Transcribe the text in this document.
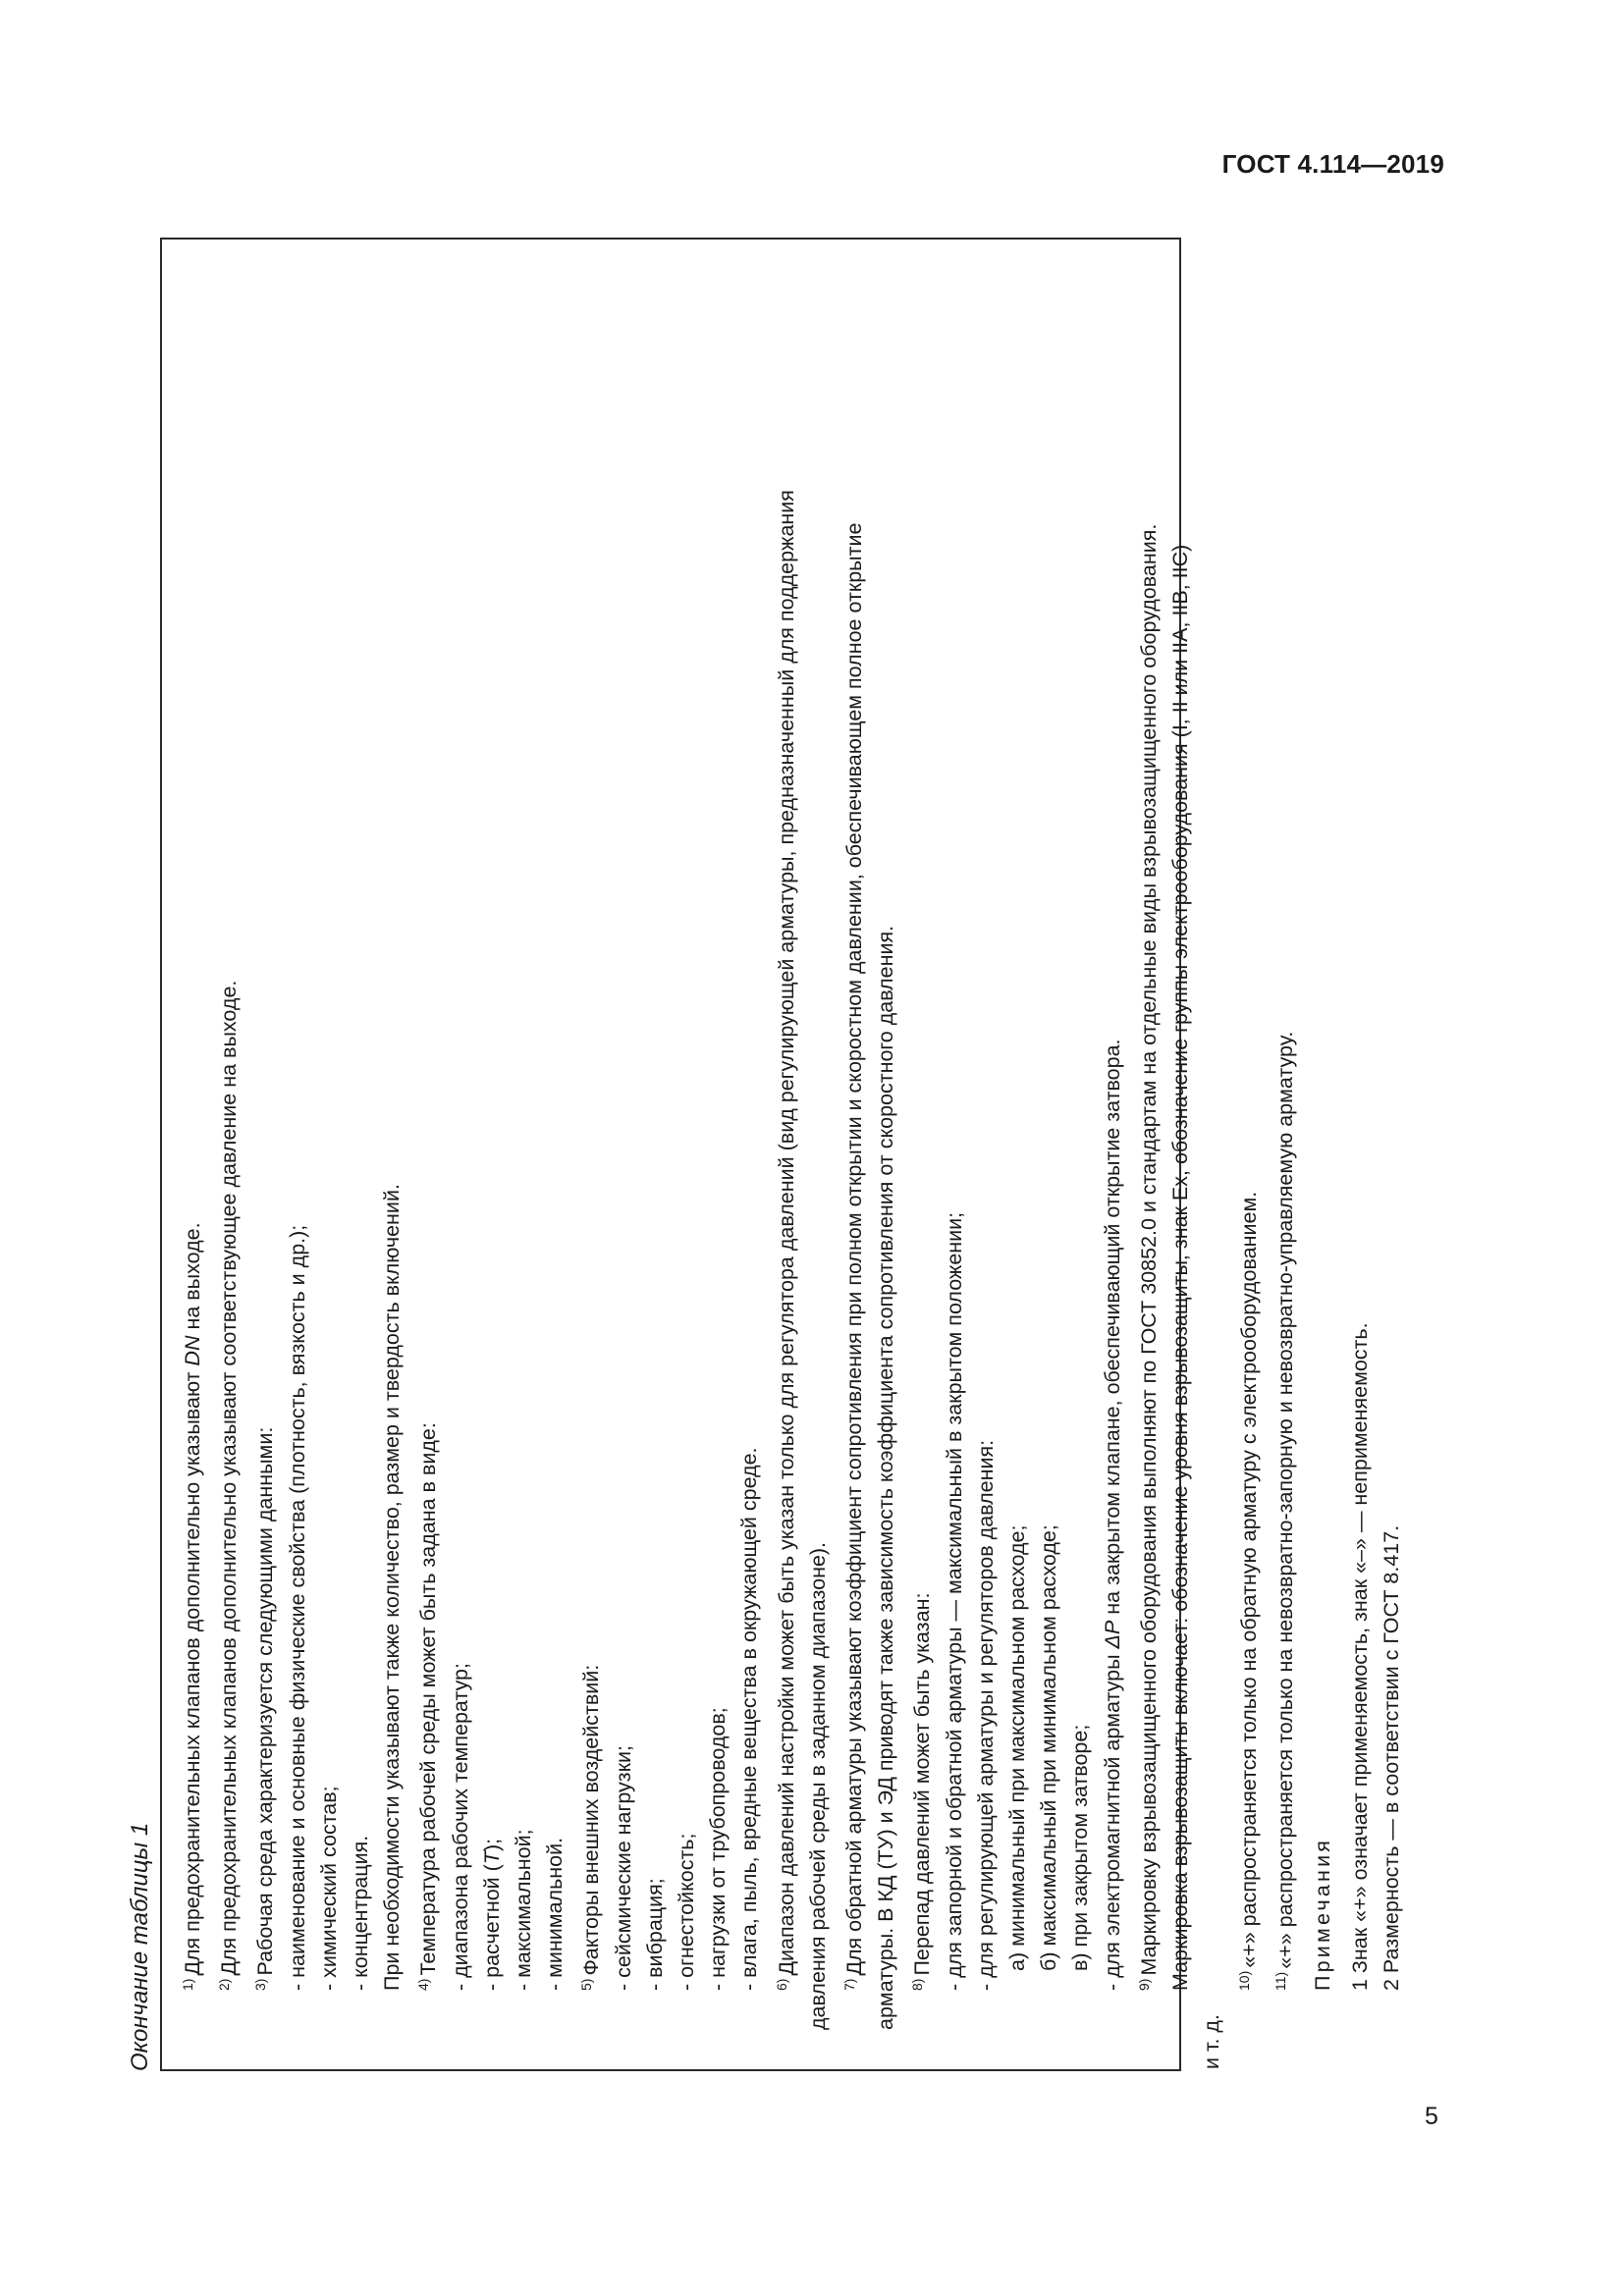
ГОСТ 4.114—2019
Окончание таблицы 1	$^{1)}$Для предохранительных клапанов дополнительно указывают DN на выходе.
$^{2)}$Для предохранительных клапанов дополнительно указывают соответствующее давление на выходе.
$^{3)}$Рабочая среда характеризуется следующими данными: - наименование и основные физические свойства (плотность, вязкость и др.); - химический состав; - концентрация. При необходимости указывают также количество, размер и твердость включений. $^{4)}$Температура рабочей среды может быть задана в виде: - диапазона рабочих температур; - расчетной (Т); - максимальной; - минимальной. $^{5)}$Факторы внешних воздействий: - сейсмические нагрузки; - вибрация; - огнестойкость; - нагрузки от трубопроводов; - влага, пыль, вредные вещества в окружающей среде. $^{6)}$Диапазон давлений настройки может быть указан только для регулятора давлений (вид регулирующей арматуры, предназначенный для поддержания давления рабочей среды в заданном диапазоне). $^{7)}$Для обратной арматуры указывают коэффициент сопротивления при полном открытии и скоростном давлении, обеспечивающем полное открытие арматуры. В КД (ТУ) и ЭД приводят также зависимость коэффициента сопротивления от скоростного давления. $^{8)}$Перепад давлений может быть указан: - для запорной и обратной арматуры — максимальный в закрытом положении; - для регулирующей арматуры и регуляторов давления: а) минимальный при максимальном расходе; б) максимальный при минимальном расходе; в) при закрытом затворе; - для электромагнитной арматуры ΔP на закрытом клапане, обеспечивающий открытие затвора.
$^{9)}$Маркировку взрывозащищенного оборудования выполняют по ГОСТ 30852.0 и стандартам на отдельные виды взрывозащищенного оборудования. Маркировка взрывозащиты включает: обозначение уровня взрывозащиты, знак Ex, обозначение группы электрооборудования (I, II или IIA, IIB, IIC)
и т. д.
$^{10)}$«+» распространяется только на обратную арматуру с электрооборудованием.
$^{11)}$«+» распространяется только на невозвратно-запорную и невозвратно-управляемую арматуру. Примечания 1 Знак «+» означает применяемость, знак «–» — неприменяемость. 2 Размерность — в соответствии с ГОСТ 8.417.
5
